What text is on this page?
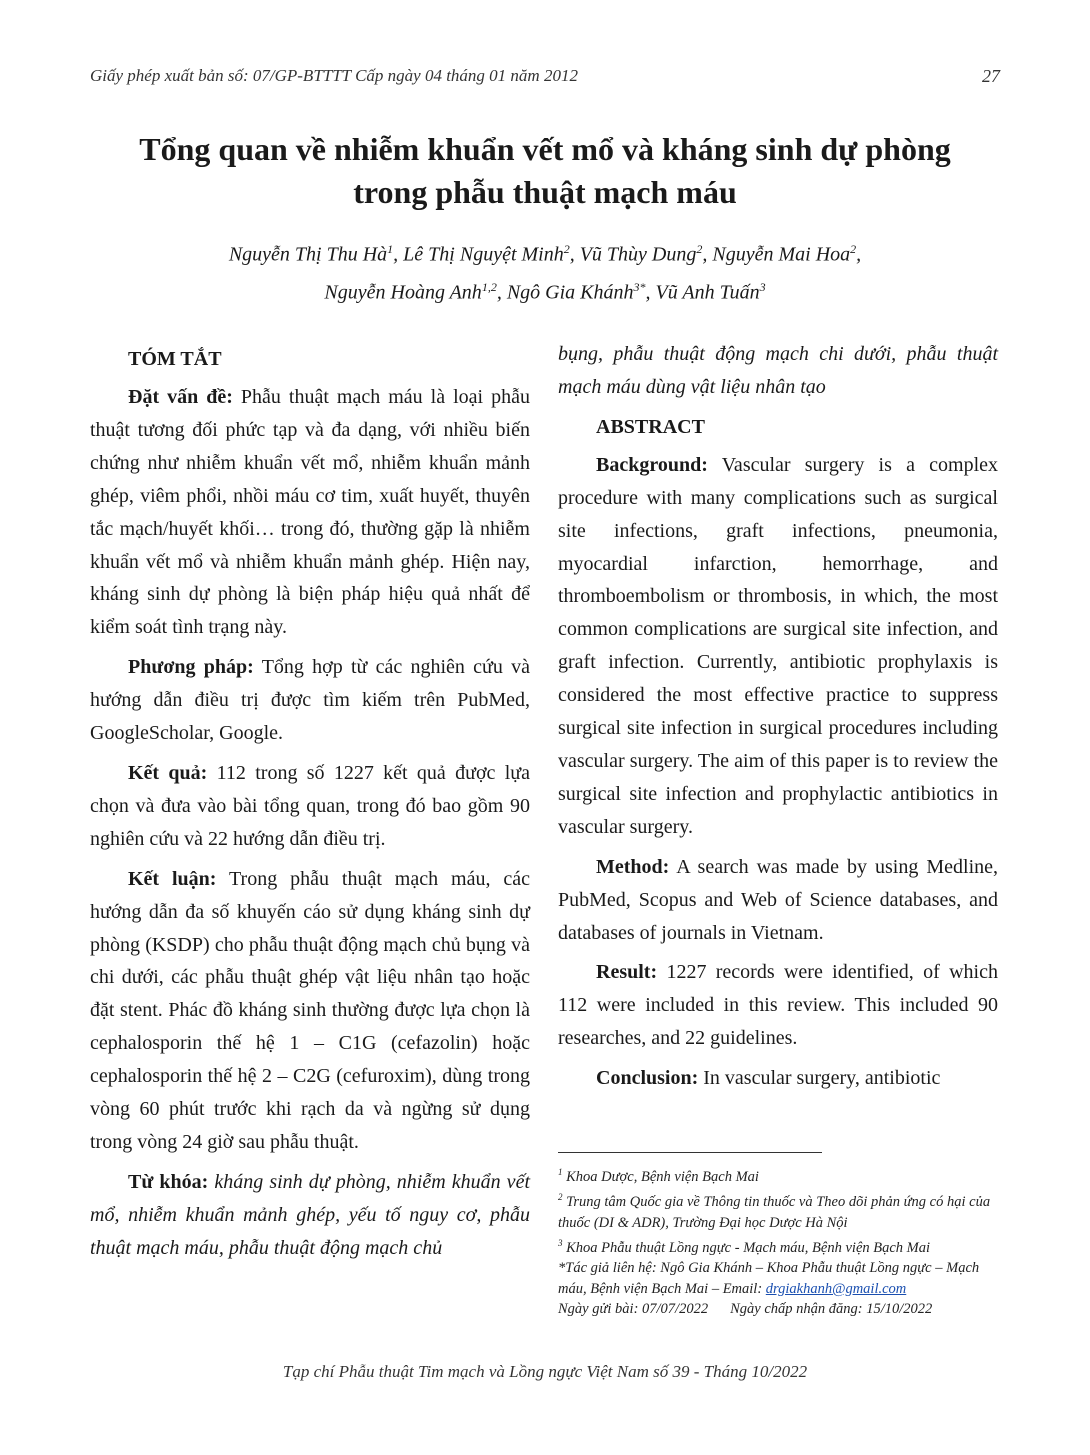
Giấy phép xuất bản số: 07/GP-BTTTT Cấp ngày 04 tháng 01 năm 2012	27
Tổng quan về nhiễm khuẩn vết mổ và kháng sinh dự phòng
trong phẫu thuật mạch máu
Nguyễn Thị Thu $Hà^1$, Lê Thị Nguyệt Minh$^2$, Vũ Thùy Dung$^2$, Nguyễn Mai Hoa$^2$,
Nguyễn Hoàng Anh$^{1,2}$, Ngô Gia Khánh$^{3*}$, Vũ Anh Tuấn$^3$
TÓM TẮT

Đặt vấn đề: Phẫu thuật mạch máu là loại phẫu thuật tương đối phức tạp và đa dạng, với nhiều biến chứng như nhiễm khuẩn vết mổ, nhiễm khuẩn mảnh ghép, viêm phổi, nhồi máu cơ tim, xuất huyết, thuyên tắc mạch/huyết khối… trong đó, thường gặp là nhiễm khuẩn vết mổ và nhiễm khuẩn mảnh ghép. Hiện nay, kháng sinh dự phòng là biện pháp hiệu quả nhất để kiểm soát tình trạng này.

Phương pháp: Tổng hợp từ các nghiên cứu và hướng dẫn điều trị được tìm kiếm trên PubMed, GoogleScholar, Google.

Kết quả: 112 trong số 1227 kết quả được lựa chọn và đưa vào bài tổng quan, trong đó bao gồm 90 nghiên cứu và 22 hướng dẫn điều trị.

Kết luận: Trong phẫu thuật mạch máu, các hướng dẫn đa số khuyến cáo sử dụng kháng sinh dự phòng (KSDP) cho phẫu thuật động mạch chủ bụng và chi dưới, các phẫu thuật ghép vật liệu nhân tạo hoặc đặt stent. Phác đồ kháng sinh thường được lựa chọn là cephalosporin thế hệ 1 – C1G (cefazolin) hoặc cephalosporin thế hệ 2 – C2G (cefuroxim), dùng trong vòng 60 phút trước khi rạch da và ngừng sử dụng trong vòng 24 giờ sau phẫu thuật.

Từ khóa: kháng sinh dự phòng, nhiễm khuẩn vết mổ, nhiễm khuẩn mảnh ghép, yếu tố nguy cơ, phẫu thuật mạch máu, phẫu thuật động mạch chủ

bụng, phẫu thuật động mạch chi dưới, phẫu thuật mạch máu dùng vật liệu nhân tạo

ABSTRACT

Background: Vascular surgery is a complex procedure with many complications such as surgical site infections, graft infections, pneumonia, myocardial infarction, hemorrhage, and thromboembolism or thrombosis, in which, the most common complications are surgical site infection, and graft infection. Currently, antibiotic prophylaxis is considered the most effective practice to suppress surgical site infection in surgical procedures including vascular surgery. The aim of this paper is to review the surgical site infection and prophylactic antibiotics in vascular surgery.

Method: A search was made by using Medline, PubMed, Scopus and Web of Science databases, and databases of journals in Vietnam.

Result: 1227 records were identified, of which 112 were included in this review. This included 90 researches, and 22 guidelines.

Conclusion: In vascular surgery, antibiotic

$^1$ Khoa Dược, Bệnh viện Bạch Mai
$^2$ Trung tâm Quốc gia về Thông tin thuốc và Theo dõi phản ứng có hại của thuốc (DI & ADR), Trường Đại học Dược Hà Nội
$^3$ Khoa Phẫu thuật Lồng ngực - Mạch máu, Bệnh viện Bạch Mai
*Tác giả liên hệ: Ngô Gia Khánh – Khoa Phẫu thuật Lồng ngực – Mạch máu, Bệnh viện Bạch Mai – Email: drgiakhanh@gmail.com
Ngày gửi bài: 07/07/2022 Ngày chấp nhận đăng: 15/10/2022
Tạp chí Phẫu thuật Tim mạch và Lồng ngực Việt Nam số 39 - Tháng 10/2022
